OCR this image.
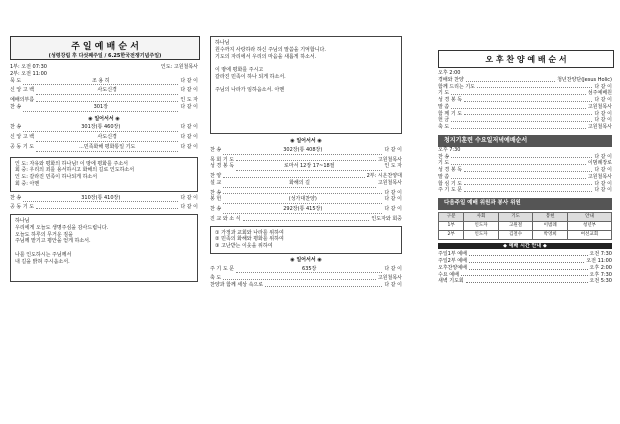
주 일 예 배 순 서
(성령강림 후 다섯째주일 / 6.25한국전쟁기념주일)
1부: 오전 07:30	인도: 고원철목사
2부: 오전 11:00
묵 도	조 용 히	다 같 이
신 앙 고 백	사도신경	다 같 이
예배의부름	인 도 자
찬 송	301장	다 같 이
◉ 일어서서 ◉
찬 송	301장(통 460장)	다 같 이
신 앙 고 백	사도신경	다 같 이
공 동 기 도	...민족화해 평화통일 기도	다 같 이

인 도: 자유와 평화의 하나님! 이 땅에 평화를 주소서

회 중: 우리의 죄를 용서하시고 화해의 길로 인도하소서

인 도: 갈라진 민족이 하나되게 하소서

회 중: 아멘

찬 송	310장(통 410장)	다 같 이
공 동 기 도	다 같 이

하나님

우리에게 오늘도 생명주심을 감사드립니다.

오늘도 하루의 무거운 짐을

주님께 맡기고 평안을 얻게 하소서.

나를 인도하시는 주님께서

내 길을 밝혀 주시옵소서.

하나님

원수까지 사랑하라 하신 주님의 말씀을 기억합니다.

기도의 자리에서 우리의 마음을 새롭게 하소서.

이 땅에 평화를 주시고

갈라진 민족이 하나 되게 하소서.

주님의 나라가 임하옵소서. 아멘

◉ 일어서서 ◉
찬 송	302장(통 408장)	다 같 이
목 회 기 도	고원철목사
성 경 봉 독	로마서 12장 17~18절	인 도 자
찬 양	2부: 시온찬양대
설 교	화해의 길	고원철목사
찬 송	다 같 이
봉 헌	(성가대찬양)	다 같 이
찬 송	292장(통 415장)	다 같 이
진 교 와 소 식	인도자와 회중

① 가정과 교회와 나라를 위하여

② 민족의 화해와 평화를 위하여

③ 고난받는 이웃을 위하여

◉ 일어서서 ◉
주 기 도 문	635장	다 같 이
축 도	고원철목사
찬양과 함께 세상 속으로	다 같 이
오 후 찬 양 예 배 순 서
오후 2:00
경배와 찬양	청년찬양단(Jesus Holic)
함께 드리는 기도	다 같 이
기 도	섬주예배원
성 경 봉 독	다 같 이
말 씀	고원철목사
함 께 기 도	다 같 이
헌 금	다 같 이
축 도	고원철목사
청지기훈련 수요일저녁예배순서
오후 7:30
찬 송	다 같 이
기 도	이범례장로
성 경 봉 독	다 같 이
말 씀	고원철목사
합 심 기 도	다 같 이
주 기 도 문	다 같 이
다음주일 예배 위원과 봉사 위원
구분	사회	기도	봉헌	안내
1부	인도자	고원철	이범례	청년부
2부	인도자	김철수	박영희	여선교회
◆ 예배 시간 안내 ◆
주일1부 예배	오전 7:30
주일2부 예배	오전 11:00
오후찬양예배	오후 2:00
수요 예배	오후 7:30
새벽 기도회	오전 5:30
